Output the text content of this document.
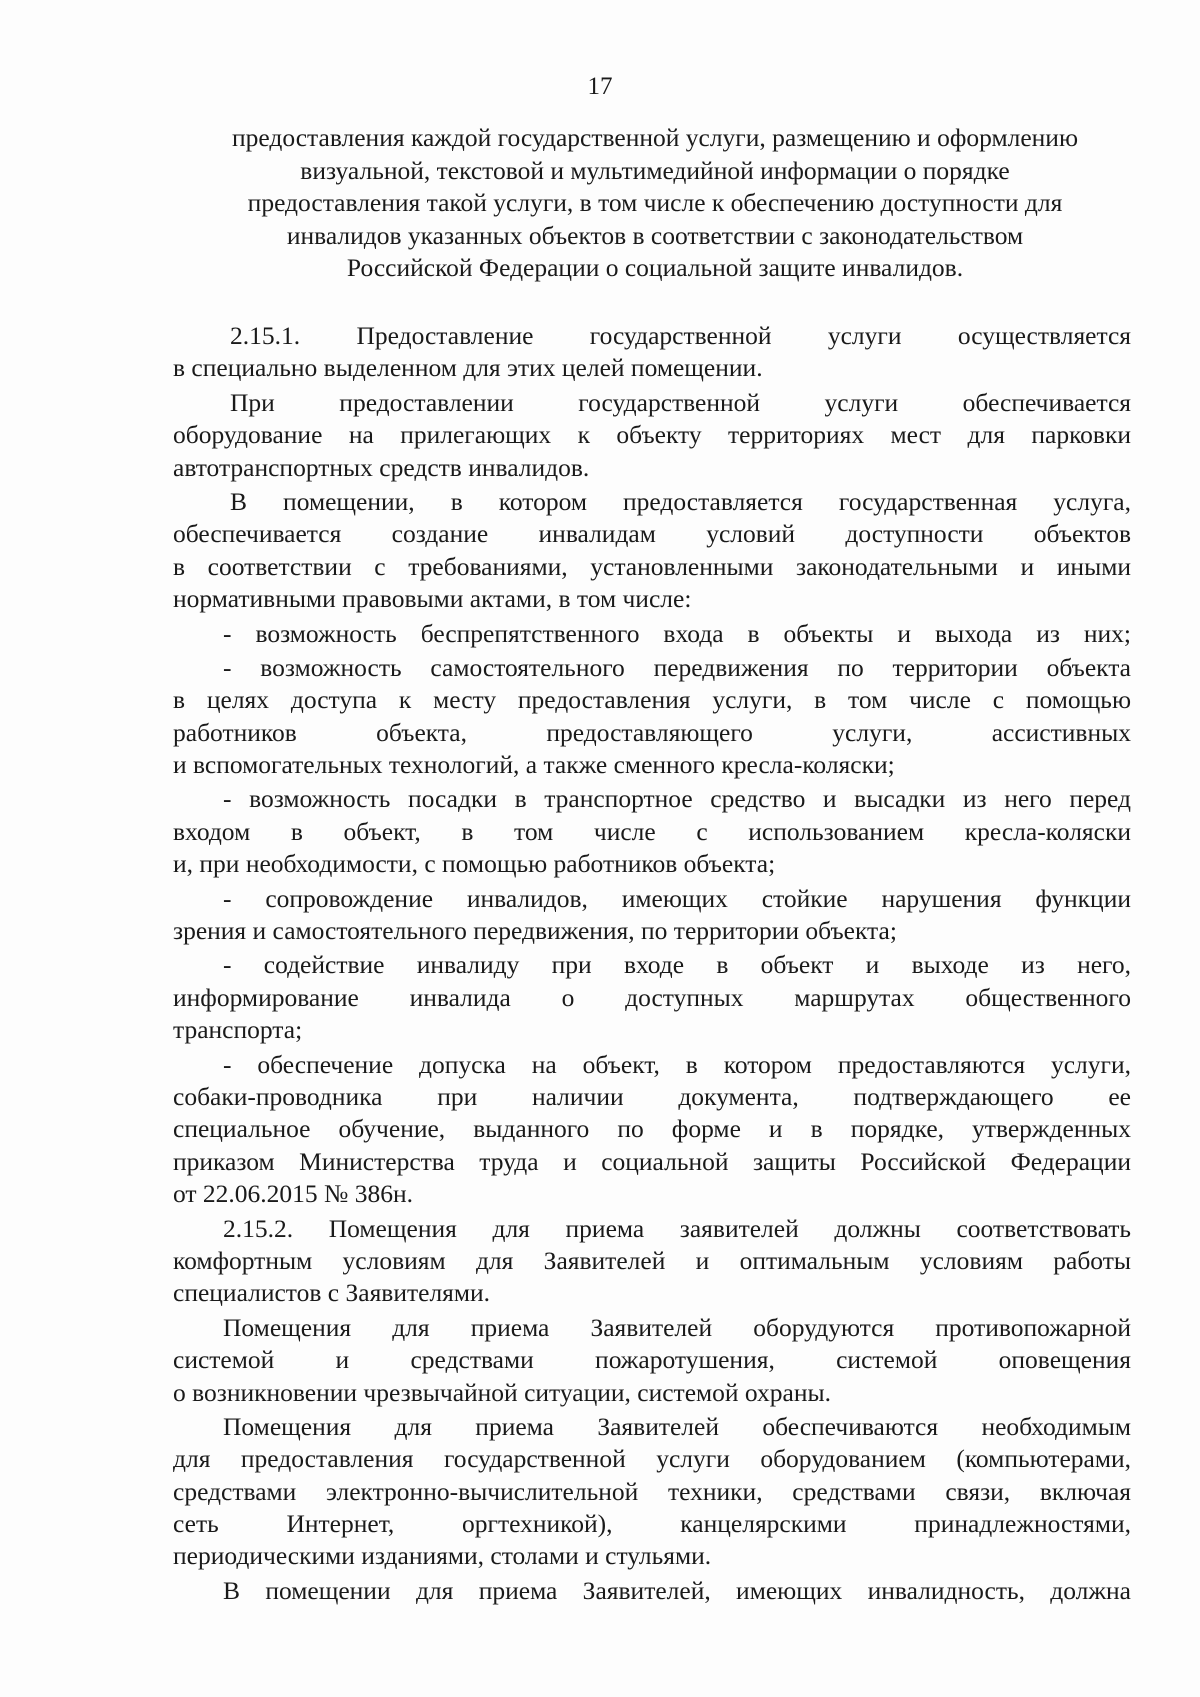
17
предоставления каждой государственной услуги, размещению и оформлению
визуальной, текстовой и мультимедийной информации о порядке
предоставления такой услуги, в том числе к обеспечению доступности для
инвалидов указанных объектов в соответствии с законодательством
Российской Федерации о социальной защите инвалидов.
2.15.1. Предоставление государственной услуги осуществляется
в специально выделенном для этих целей помещении.
При предоставлении государственной услуги обеспечивается
оборудование на прилегающих к объекту территориях мест для парковки
автотранспортных средств инвалидов.
В помещении, в котором предоставляется государственная услуга,
обеспечивается создание инвалидам условий доступности объектов
в соответствии с требованиями, установленными законодательными и иными
нормативными правовыми актами, в том числе:
- возможность беспрепятственного входа в объекты и выхода из них;
- возможность самостоятельного передвижения по территории объекта
в целях доступа к месту предоставления услуги, в том числе с помощью
работников объекта, предоставляющего услуги, ассистивных
и вспомогательных технологий, а также сменного кресла-коляски;
- возможность посадки в транспортное средство и высадки из него перед
входом в объект, в том числе с использованием кресла-коляски
и, при необходимости, с помощью работников объекта;
- сопровождение инвалидов, имеющих стойкие нарушения функции
зрения и самостоятельного передвижения, по территории объекта;
- содействие инвалиду при входе в объект и выходе из него,
информирование инвалида о доступных маршрутах общественного
транспорта;
- обеспечение допуска на объект, в котором предоставляются услуги,
собаки-проводника при наличии документа, подтверждающего ее
специальное обучение, выданного по форме и в порядке, утвержденных
приказом Министерства труда и социальной защиты Российской Федерации
от 22.06.2015 № 386н.
2.15.2. Помещения для приема заявителей должны соответствовать
комфортным условиям для Заявителей и оптимальным условиям работы
специалистов с Заявителями.
Помещения для приема Заявителей оборудуются противопожарной
системой и средствами пожаротушения, системой оповещения
о возникновении чрезвычайной ситуации, системой охраны.
Помещения для приема Заявителей обеспечиваются необходимым
для предоставления государственной услуги оборудованием (компьютерами,
средствами электронно-вычислительной техники, средствами связи, включая
сеть Интернет, оргтехникой), канцелярскими принадлежностями,
периодическими изданиями, столами и стульями.
В помещении для приема Заявителей, имеющих инвалидность, должна
